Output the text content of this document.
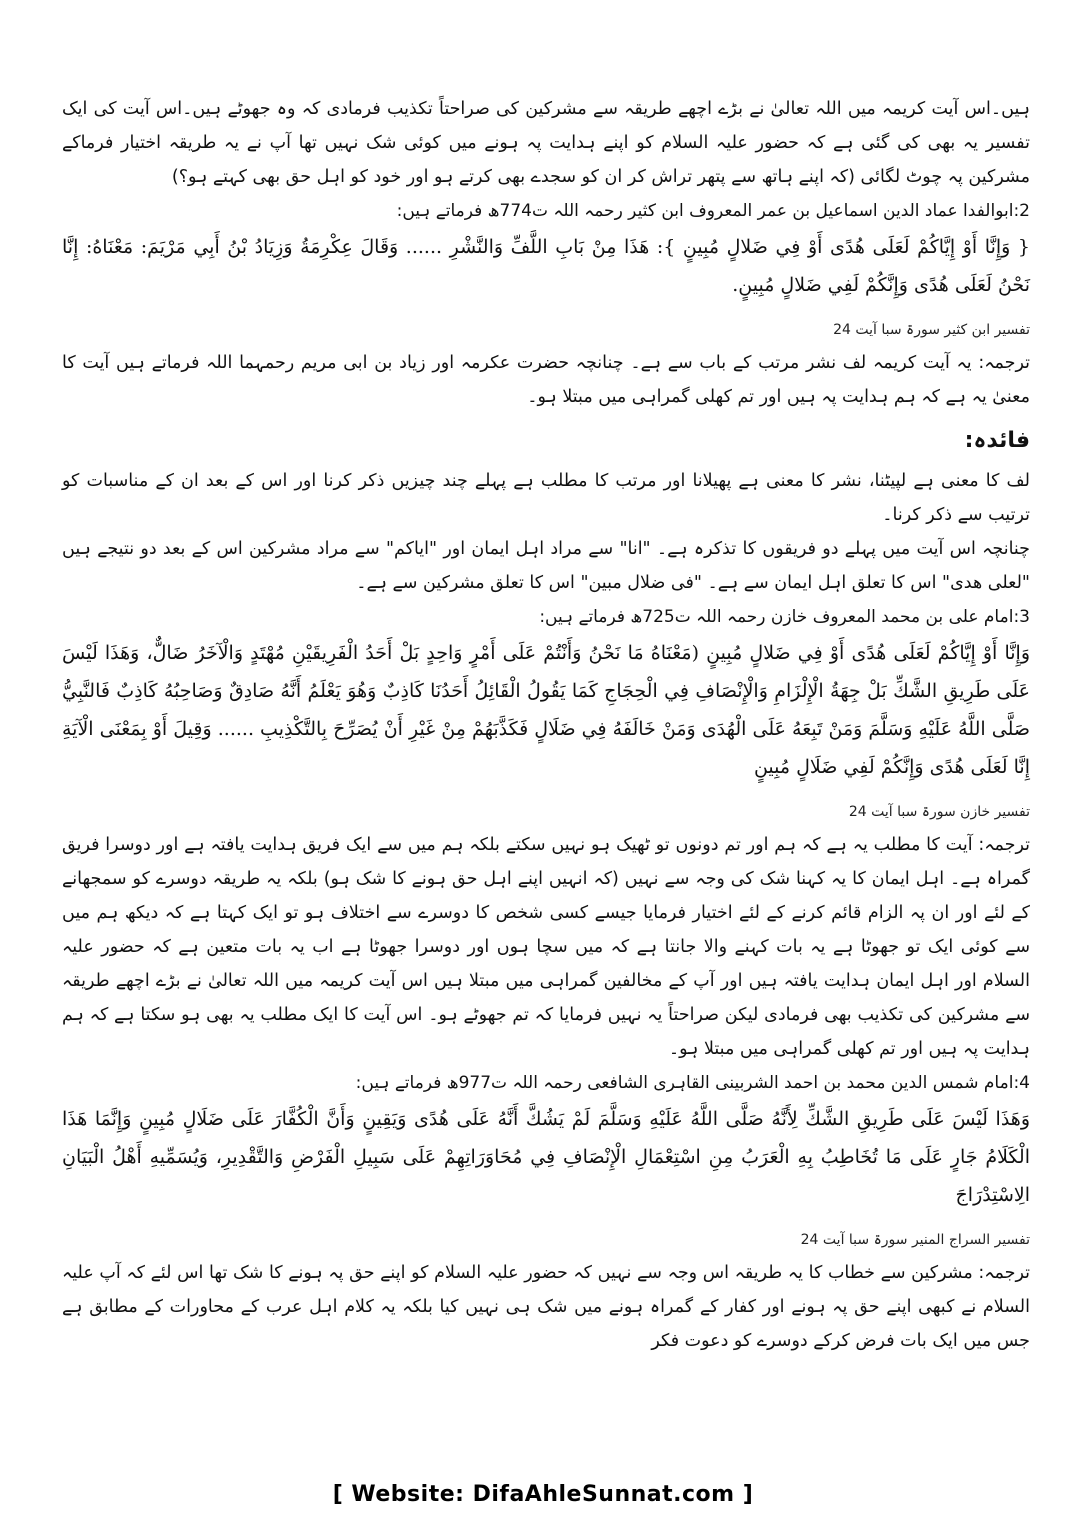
ہیں۔اس آیت کریمہ میں اللہ تعالیٰ نے بڑے اچھے طریقہ سے مشرکین کی صراحتاً تکذیب فرمادی کہ وہ جھوٹے ہیں۔اس آیت کی ایک تفسیر یہ بھی کی گئی ہے کہ حضور علیہ السلام کو اپنے ہدایت پہ ہونے میں کوئی شک نہیں تھا آپ نے یہ طریقہ اختیار فرماکے مشرکین پہ چوٹ لگائی (کہ اپنے ہاتھ سے پتھر تراش کر ان کو سجدے بھی کرتے ہو اور خود کو اہل حق بھی کہتے ہو؟)

2:ابوالفدا عماد الدین اسماعیل بن عمر المعروف ابن کثیر رحمہ اللہ ت774ھ فرماتے ہیں:

{ وَإِنَّا أَوْ إِيَّاكُمْ لَعَلَى هُدًى أَوْ فِي ضَلالٍ مُبِينٍ }: هَذَا مِنْ بَابِ اللَّفِّ وَالنَّشْرِ ...... وَقَالَ عِكْرِمَةُ وَزِيَادُ بْنُ أَبِي مَرْيَمَ: مَعْنَاهُ: إِنَّا نَحْنُ لَعَلَى هُدًى وَإِنَّكُمْ لَفِي ضَلالٍ مُبِينٍ.

تفسیر ابن کثیر سورۃ سبا آیت 24

ترجمہ: یہ آیت کریمہ لف نشر مرتب کے باب سے ہے۔ چنانچہ حضرت عکرمہ اور زیاد بن ابی مریم رحمہما اللہ فرماتے ہیں آیت کا معنیٰ یہ ہے کہ ہم ہدایت پہ ہیں اور تم کھلی گمراہی میں مبتلا ہو۔

فائدہ:

لف کا معنی ہے لپیٹنا، نشر کا معنی ہے پھیلانا اور مرتب کا مطلب ہے پہلے چند چیزیں ذکر کرنا اور اس کے بعد ان کے مناسبات کو ترتیب سے ذکر کرنا۔

چنانچہ اس آیت میں پہلے دو فریقوں کا تذکرہ ہے۔ "انا" سے مراد اہل ایمان اور "ایاکم" سے مراد مشرکین اس کے بعد دو نتیجے ہیں "لعلی ھدی" اس کا تعلق اہل ایمان سے ہے۔ "فی ضلال مبین" اس کا تعلق مشرکین سے ہے۔

3:امام علی بن محمد المعروف خازن رحمہ اللہ ت725ھ فرماتے ہیں:

وَإِنَّا أَوْ إِيَّاكُمْ لَعَلَى هُدًى أَوْ فِي ضَلالٍ مُبِينٍ (مَعْنَاهُ مَا نَحْنُ وَأَنْتُمْ عَلَى أَمْرٍ وَاحِدٍ بَلْ أَحَدُ الْفَرِيقَيْنِ مُهْتَدٍ وَالْآخَرُ ضَالٌّ، وَهَذَا لَيْسَ عَلَى طَرِيقِ الشَّكِّ بَلْ جِهَةُ الْإِلْزَامِ وَالْإِنْصَافِ فِي الْحِجَاجِ كَمَا يَقُولُ الْقَائِلُ أَحَدُنَا كَاذِبٌ وَهُوَ يَعْلَمُ أَنَّهُ صَادِقٌ وَصَاحِبُهُ كَاذِبٌ فَالنَّبِيُّ صَلَّى اللَّهُ عَلَيْهِ وَسَلَّمَ وَمَنْ تَبِعَهُ عَلَى الْهُدَى وَمَنْ خَالَفَهُ فِي ضَلَالٍ فَكَذَّبَهُمْ مِنْ غَيْرِ أَنْ يُصَرِّحَ بِالتَّكْذِيبِ ...... وَقِيلَ أَوْ بِمَعْنَى الْآيَةِ إِنَّا لَعَلَى هُدًى وَإِنَّكُمْ لَفِي ضَلَالٍ مُبِينٍ

تفسیر خازن سورۃ سبا آیت 24

ترجمہ: آیت کا مطلب یہ ہے کہ ہم اور تم دونوں تو ٹھیک ہو نہیں سکتے بلکہ ہم میں سے ایک فریق ہدایت یافتہ ہے اور دوسرا فریق گمراہ ہے۔ اہل ایمان کا یہ کہنا شک کی وجہ سے نہیں (کہ انہیں اپنے اہل حق ہونے کا شک ہو) بلکہ یہ طریقہ دوسرے کو سمجھانے کے لئے اور ان پہ الزام قائم کرنے کے لئے اختیار فرمایا جیسے کسی شخص کا دوسرے سے اختلاف ہو تو ایک کہتا ہے کہ دیکھ ہم میں سے کوئی ایک تو جھوٹا ہے یہ بات کہنے والا جانتا ہے کہ میں سچا ہوں اور دوسرا جھوٹا ہے اب یہ بات متعین ہے کہ حضور علیہ السلام اور اہل ایمان ہدایت یافتہ ہیں اور آپ کے مخالفین گمراہی میں مبتلا ہیں اس آیت کریمہ میں اللہ تعالیٰ نے بڑے اچھے طریقہ سے مشرکین کی تکذیب بھی فرمادی لیکن صراحتاً یہ نہیں فرمایا کہ تم جھوٹے ہو۔ اس آیت کا ایک مطلب یہ بھی ہو سکتا ہے کہ ہم ہدایت پہ ہیں اور تم کھلی گمراہی میں مبتلا ہو۔

4:امام شمس الدین محمد بن احمد الشربینی القاہری الشافعی رحمہ اللہ ت977ھ فرماتے ہیں:

وَهَذَا لَيْسَ عَلَى طَرِيقِ الشَّكِّ لِأَنَّهُ صَلَّى اللَّهُ عَلَيْهِ وَسَلَّمَ لَمْ يَشُكَّ أَنَّهُ عَلَى هُدًى وَيَقِينٍ وَأَنَّ الْكُفَّارَ عَلَى ضَلَالٍ مُبِينٍ وَإِنَّمَا هَذَا الْكَلَامُ جَارٍ عَلَى مَا تُخَاطِبُ بِهِ الْعَرَبُ مِنِ اسْتِعْمَالِ الْإِنْصَافِ فِي مُحَاوَرَاتِهِمْ عَلَى سَبِيلِ الْفَرْضِ وَالتَّقْدِيرِ، وَيُسَمِّيهِ أَهْلُ الْبَيَانِ الِاسْتِدْرَاجَ

تفسیر السراج المنیر سورۃ سبا آیت 24

ترجمہ: مشرکین سے خطاب کا یہ طریقہ اس وجہ سے نہیں کہ حضور علیہ السلام کو اپنے حق پہ ہونے کا شک تھا اس لئے کہ آپ علیہ السلام نے کبھی اپنے حق پہ ہونے اور کفار کے گمراہ ہونے میں شک ہی نہیں کیا بلکہ یہ کلام اہل عرب کے محاورات کے مطابق ہے جس میں ایک بات فرض کرکے دوسرے کو دعوت فکر

[ Website: DifaAhleSunnat.com ]
